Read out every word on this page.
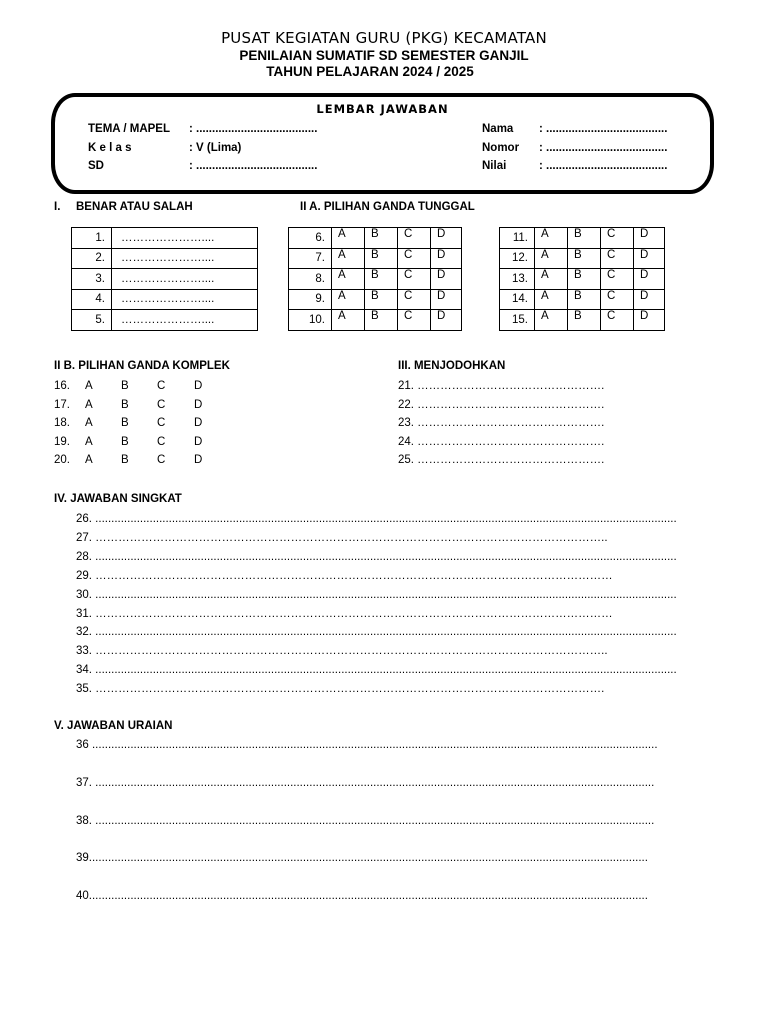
PUSAT KEGIATAN GURU (PKG) KECAMATAN
PENILAIAN SUMATIF SD SEMESTER GANJIL
TAHUN PELAJARAN 2024 / 2025
LEMBAR JAWABAN
TEMA / MAPEL : ......................................
K e l a s	: V (Lima)
SD	: ......................................
Nama : ......................................
Nomor : ......................................
Nilai	: ......................................
I. BENAR ATAU SALAH
1.	…………………....
2.	…………………....
3.	…………………....
4.	…………………....
5.	…………………....
II A. PILIHAN GANDA TUNGGAL
6.	A	B	C	D
7.	A	B	C	D
8.	A	B	C	D
9.	A	B	C	D
10.	A	B	C	D
11.	A	B	C	D
12.	A	B	C	D
13.	A	B	C	D
14.	A	B	C	D
15.	A	B	C	D
II B. PILIHAN GANDA KOMPLEK
16. A B C D
17. A B C D
18. A B C D
19. A B C D
20. A B C D
III. MENJODOHKAN
21. ………………………………………….
22. ………………………………………….
23. ………………………………………….
24. ………………………………………….
25. ………………………………………….
IV. JAWABAN SINGKAT
26. ......................................................................................................................................................................................
27. ……………………………………………………………………………………………………………………..
28. ......................................................................................................................................................................................
29. ………………………………………………………………………………………………………………………
30. ......................................................................................................................................................................................
31. ………………………………………………………………………………………………………………………
32. ......................................................................................................................................................................................
33. ……………………………………………………………………………………………………………………..
34. ......................................................................................................................................................................................
35. …………………………………………………………………………………………………………………….
V. JAWABAN URAIAN
36 .................................................................................................................................................................................
37. ...............................................................................................................................................................................
38. ...............................................................................................................................................................................
39...............................................................................................................................................................................
40...............................................................................................................................................................................
